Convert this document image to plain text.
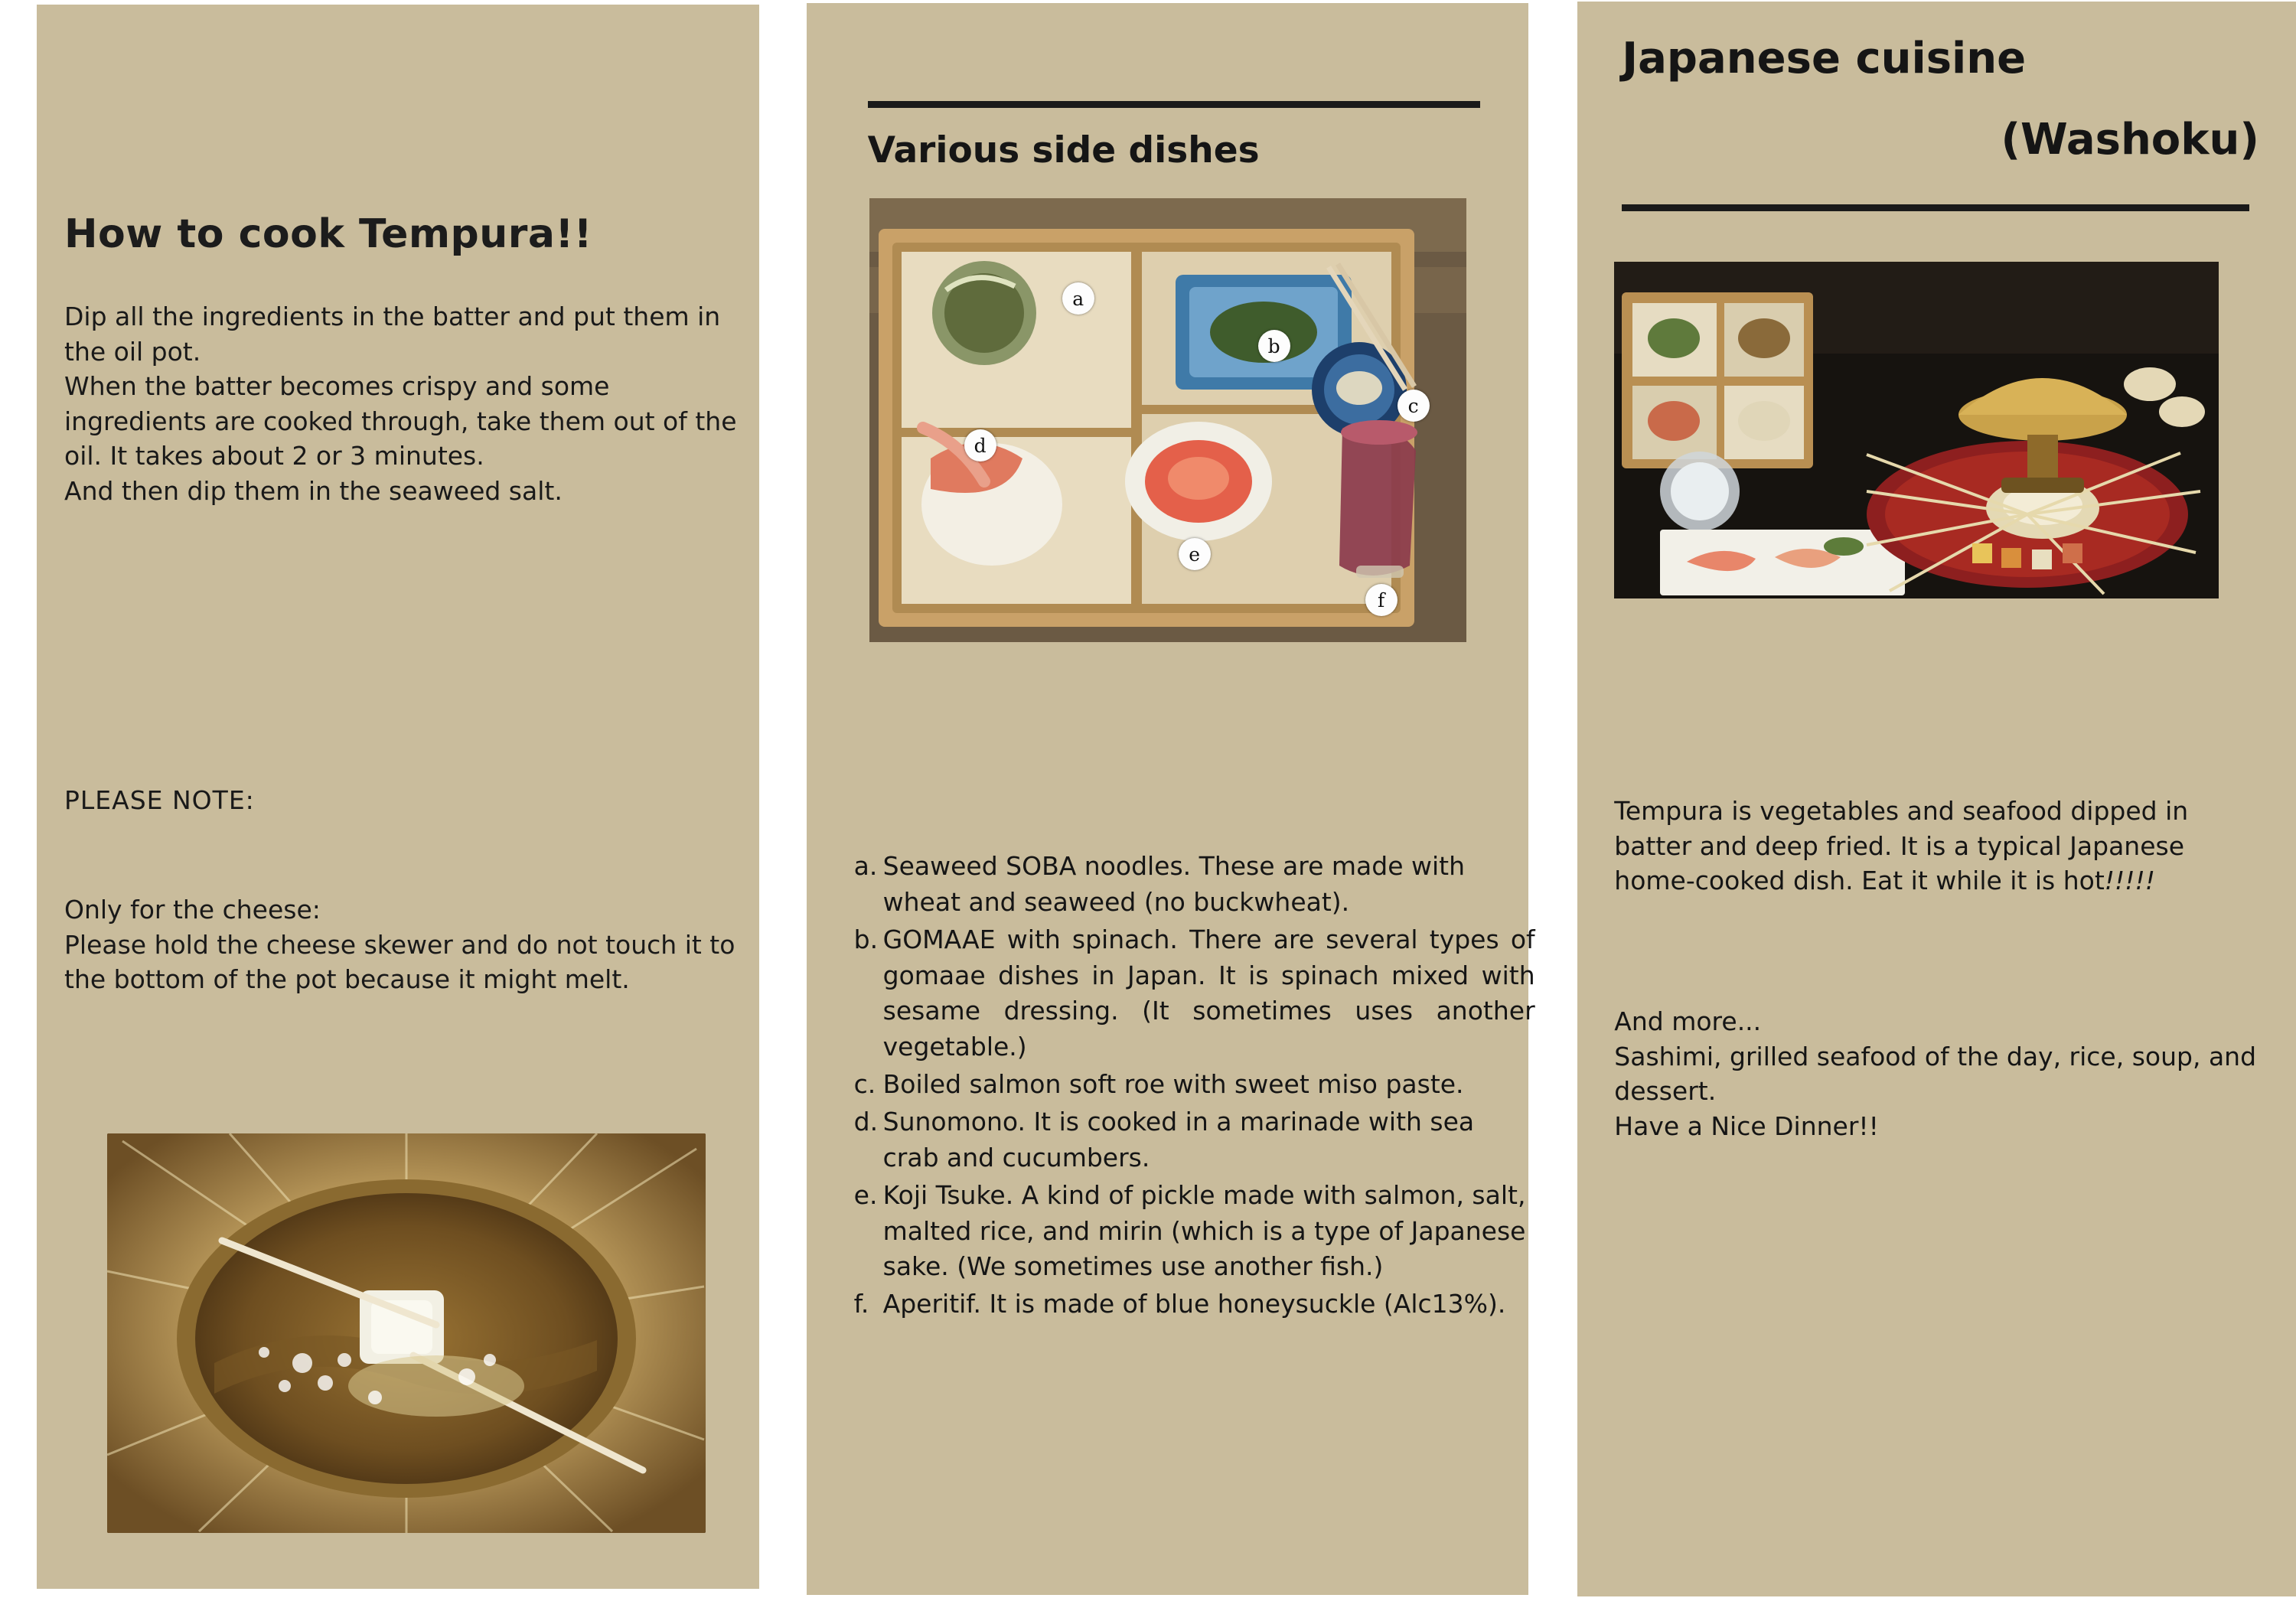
How to cook Tempura!!

Dip all the ingredients in the batter and put them in the oil pot.

When the batter becomes crispy and some ingredients are cooked through, take them out of the oil. It takes about 2 or 3 minutes.

And then dip them in the seaweed salt.

PLEASE NOTE:

Only for the cheese:

Please hold the cheese skewer and do not touch it to the bottom of the pot because it might melt.

Various side dishes
a
b
c
d
e
f

a. Seaweed SOBA noodles. These are made with wheat and seaweed (no buckwheat).
b. GOMAAE with spinach. There are several types of gomaae dishes in Japan. It is spinach mixed with sesame dressing. (It sometimes uses another vegetable.)
c. Boiled salmon soft roe with sweet miso paste.
d. Sunomono. It is cooked in a marinade with sea crab and cucumbers.
e. Koji Tsuke. A kind of pickle made with salmon, salt, malted rice, and mirin (which is a type of Japanese sake. (We sometimes use another fish.)
f. Aperitif. It is made of blue honeysuckle (Alc13%).
Japanese cuisine
(Washoku)
Tempura is vegetables and seafood dipped in batter and deep fried. It is a typical Japanese home-cooked dish. Eat it while it is hot!!!!!

And more...

Sashimi, grilled seafood of the day, rice, soup, and dessert.

Have a Nice Dinner!!
